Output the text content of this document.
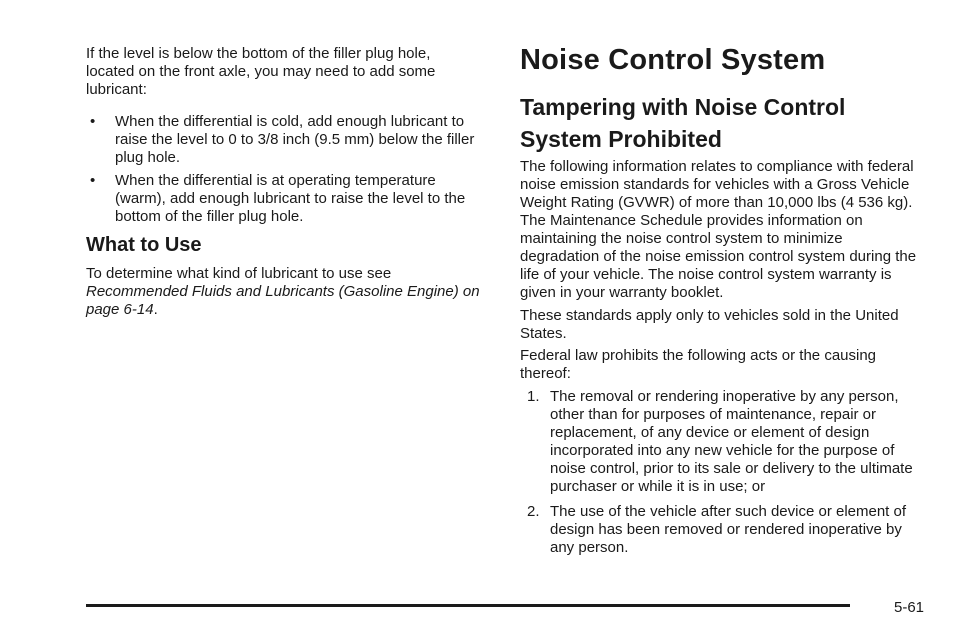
If the level is below the bottom of the filler plug hole, located on the front axle, you may need to add some lubricant:

• When the differential is cold, add enough lubricant to raise the level to 0 to 3/8 inch (9.5 mm) below the filler plug hole.

• When the differential is at operating temperature (warm), add enough lubricant to raise the level to the bottom of the filler plug hole.

What to Use

To determine what kind of lubricant to use see Recommended Fluids and Lubricants (Gasoline Engine) on page 6-14.

Noise Control System
Tampering with Noise Control System Prohibited

The following information relates to compliance with federal noise emission standards for vehicles with a Gross Vehicle Weight Rating (GVWR) of more than 10,000 lbs (4 536 kg). The Maintenance Schedule provides information on maintaining the noise control system to minimize degradation of the noise emission control system during the life of your vehicle. The noise control system warranty is given in your warranty booklet.

These standards apply only to vehicles sold in the United States.

Federal law prohibits the following acts or the causing thereof:

1. The removal or rendering inoperative by any person, other than for purposes of maintenance, repair or replacement, of any device or element of design incorporated into any new vehicle for the purpose of noise control, prior to its sale or delivery to the ultimate purchaser or while it is in use; or

2. The use of the vehicle after such device or element of design has been removed or rendered inoperative by any person.

5-61
